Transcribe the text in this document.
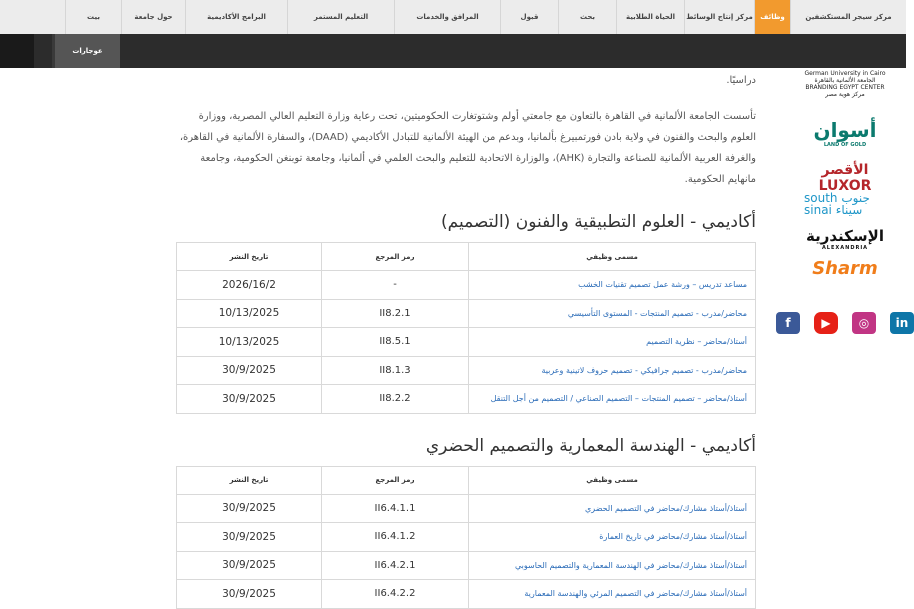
مركز سيجر المستكشفين
وظائف
مركز إنتاج الوسائط
الحياة الطلابية
بحث
قبول
المرافق والخدمات
التعليم المستمر
البرامج الأكاديمية
حول جامعة
بيت
عوجارات
دراسيًا.

تأسست الجامعة الألمانية في القاهرة بالتعاون مع جامعتي أولم وشتوتغارت الحكوميتين، تحت رعاية وزارة التعليم العالي المصرية، ووزارة العلوم والبحث والفنون في ولاية بادن فورتمبيرغ بألمانيا، وبدعم من الهيئة الألمانية للتبادل الأكاديمي (DAAD)، والسفارة الألمانية في القاهرة، والغرفة العربية الألمانية للصناعة والتجارة (AHK)، والوزارة الاتحادية للتعليم والبحث العلمي في ألمانيا، وجامعة توبنغن الحكومية، وجامعة مانهايم الحكومية.

أكاديمي - العلوم التطبيقية والفنون (التصميم)
مسمى وظيفي	رمز المرجع	تاريخ النشر
مساعد تدريس – ورشة عمل تصميم تقنيات الخشب	-	2026/16/2
محاضر/مدرب - تصميم المنتجات - المستوى التأسيسي	II8.2.1	10/13/2025
أستاذ/محاضر – نظرية التصميم	II8.5.1	10/13/2025
محاضر/مدرب - تصميم جرافيكي - تصميم حروف لاتينية وعربية	II8.1.3	30/9/2025
أستاذ/محاضر – تصميم المنتجات – التصميم الصناعي / التصميم من أجل التنقل	II8.2.2	30/9/2025
أكاديمي - الهندسة المعمارية والتصميم الحضري
مسمى وظيفي	رمز المرجع	تاريخ النشر
أستاذ/أستاذ مشارك/محاضر في التصميم الحضري	II6.4.1.1	30/9/2025
أستاذ/أستاذ مشارك/محاضر في تاريخ العمارة	II6.4.1.2	30/9/2025
أستاذ/أستاذ مشارك/محاضر في الهندسة المعمارية والتصميم الحاسوبي	II6.4.2.1	30/9/2025
أستاذ/أستاذ مشارك/محاضر في التصميم المرئي والهندسة المعمارية	II6.4.2.2	30/9/2025
German University in Cairo
الجامعة الألمانية بالقاهرة
BRANDING EGYPT CENTER
مركز هوية مصر
أسوان
LAND OF GOLD
الأقصر LUXOR
south جنوب
sinai سيناء
الإسكندرية
ALEXANDRIA
Sharm
f	▶	◎	in
